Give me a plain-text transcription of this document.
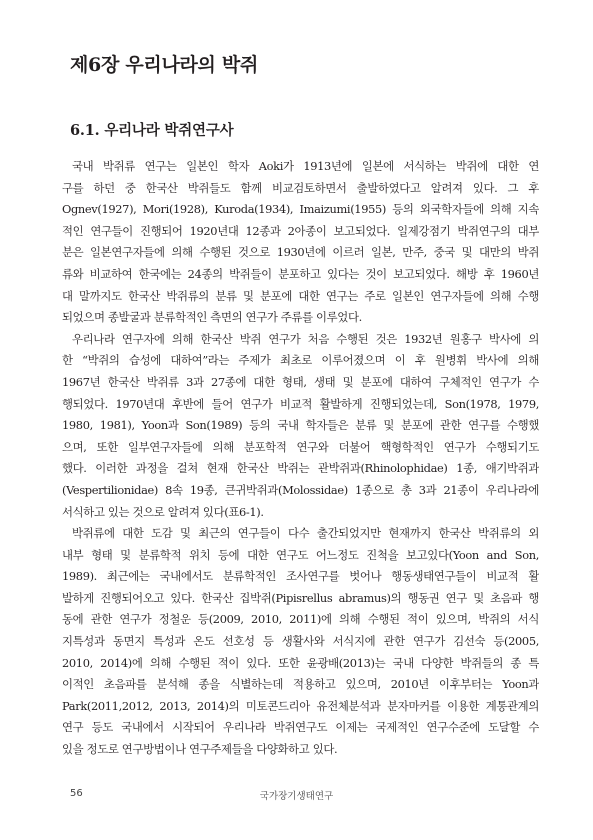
제6장 우리나라의 박쥐
6.1. 우리나라 박쥐연구사
국내 박쥐류 연구는 일본인 학자 Aoki가 1913년에 일본에 서식하는 박쥐에 대한 연
구를 하던 중 한국산 박쥐들도 함께 비교검토하면서 출발하였다고 알려져 있다. 그 후
Ognev(1927), Mori(1928), Kuroda(1934), Imaizumi(1955) 등의 외국학자들에 의해 지속
적인 연구들이 진행되어 1920년대 12종과 2아종이 보고되었다. 일제강점기 박쥐연구의 대부
분은 일본연구자들에 의해 수행된 것으로 1930년에 이르러 일본, 만주, 중국 및 대만의 박쥐
류와 비교하여 한국에는 24종의 박쥐들이 분포하고 있다는 것이 보고되었다. 해방 후 1960년
대 말까지도 한국산 박쥐류의 분류 및 분포에 대한 연구는 주로 일본인 연구자들에 의해 수행
되었으며 종발굴과 분류학적인 측면의 연구가 주류를 이루었다.
우리나라 연구자에 의해 한국산 박쥐 연구가 처음 수행된 것은 1932년 원홍구 박사에 의
한 “박쥐의 습성에 대하여”라는 주제가 최초로 이루어졌으며 이 후 원병휘 박사에 의해
1967년 한국산 박쥐류 3과 27종에 대한 형태, 생태 및 분포에 대하여 구체적인 연구가 수
행되었다. 1970년대 후반에 들어 연구가 비교적 활발하게 진행되었는데, Son(1978, 1979,
1980, 1981), Yoon과 Son(1989) 등의 국내 학자들은 분류 및 분포에 관한 연구를 수행했
으며, 또한 일부연구자들에 의해 분포학적 연구와 더불어 핵형학적인 연구가 수행되기도
했다. 이러한 과정을 걸쳐 현재 한국산 박쥐는 관박쥐과(Rhinolophidae) 1종, 애기박쥐과
(Vespertilionidae) 8속 19종, 큰귀박쥐과(Molossidae) 1종으로 총 3과 21종이 우리나라에
서식하고 있는 것으로 알려져 있다(표6-1).
박쥐류에 대한 도감 및 최근의 연구들이 다수 출간되었지만 현재까지 한국산 박쥐류의 외
내부 형태 및 분류학적 위치 등에 대한 연구도 어느정도 진척을 보고있다(Yoon and Son,
1989). 최근에는 국내에서도 분류학적인 조사연구를 벗어나 행동생태연구들이 비교적 활
발하게 진행되어오고 있다. 한국산 집박쥐(Pipisrellus abramus)의 행동권 연구 및 초음파 행
동에 관한 연구가 정철운 등(2009, 2010, 2011)에 의해 수행된 적이 있으며, 박쥐의 서식
지특성과 동면지 특성과 온도 선호성 등 생활사와 서식지에 관한 연구가 김선숙 등(2005,
2010, 2014)에 의해 수행된 적이 있다. 또한 윤광배(2013)는 국내 다양한 박쥐들의 종 특
이적인 초음파를 분석해 종을 식별하는데 적용하고 있으며, 2010년 이후부터는 Yoon과
Park(2011,2012, 2013, 2014)의 미토콘드리아 유전체분석과 분자마커를 이용한 계통관계의
연구 등도 국내에서 시작되어 우리나라 박쥐연구도 이제는 국제적인 연구수준에 도달할 수
있을 정도로 연구방법이나 연구주제들을 다양화하고 있다.
56	국가장기생태연구
